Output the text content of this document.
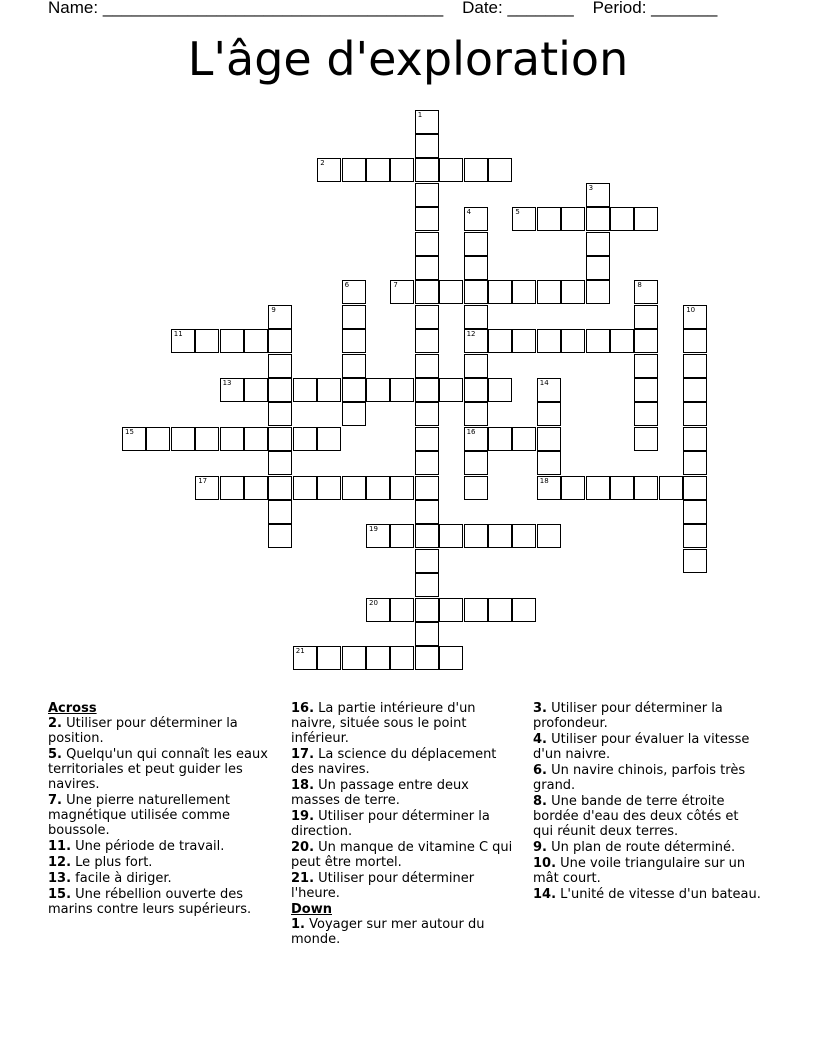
Name: ____________________________________ Date: _______ Period: _______
L'âge d'exploration
1
2
3
4
12
16
5
6	7	8
9	10
11
13	14
15
17	18
19
20
21
Across
2. Utiliser pour déterminer la position.
5. Quelqu'un qui connaît les eaux territoriales et peut guider les navires.
7. Une pierre naturellement magnétique utilisée comme boussole.
11. Une période de travail.
12. Le plus fort.
13. facile à diriger.
15. Une rébellion ouverte des marins contre leurs supérieurs.
16. La partie intérieure d'un naivre, située sous le point inférieur.
17. La science du déplacement des navires.
18. Un passage entre deux masses de terre.
19. Utiliser pour déterminer la direction.
20. Un manque de vitamine C qui peut être mortel.
21. Utiliser pour déterminer l'heure.
Down
1. Voyager sur mer autour du monde.
3. Utiliser pour déterminer la profondeur.
4. Utiliser pour évaluer la vitesse d'un naivre.
6. Un navire chinois, parfois très grand.
8. Une bande de terre étroite bordée d'eau des deux côtés et qui réunit deux terres.
9. Un plan de route déterminé.
10. Une voile triangulaire sur un mât court.
14. L'unité de vitesse d'un bateau.
